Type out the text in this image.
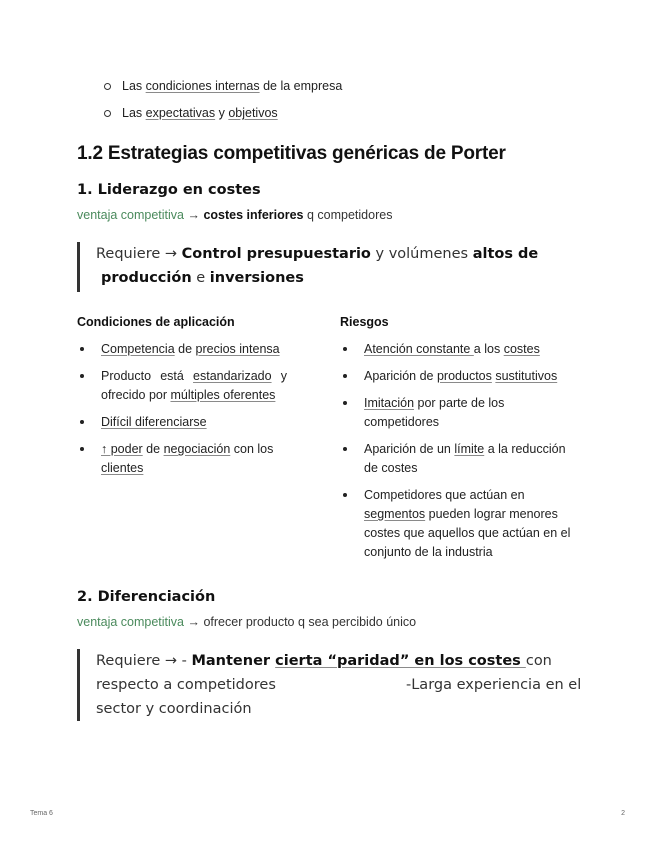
Las condiciones internas de la empresa
Las expectativas y objetivos
1.2 Estrategias competitivas genéricas de Porter
1. Liderazgo en costes

ventaja competitiva → costes inferiores q competidores

Requiere → Control presupuestario y volúmenes altos de
producción e inversiones

Condiciones de aplicación	Riesgos

Competencia de precios intensa
Producto está estandarizado y ofrecido por múltiples oferentes
Difícil diferenciarse
↑ poder de negociación con los clientes
Atención constante a los costes
Aparición de productos sustitutivos
Imitación por parte de los competidores
Aparición de un límite a la reducción de costes
Competidores que actúan en segmentos pueden lograr menores costes que aquellos que actúan en el conjunto de la industria
2. Diferenciación

ventaja competitiva → ofrecer producto q sea percibido único

Requiere → - Mantener cierta “paridad” en los costes con
respecto a competidores	-Larga experiencia en el
sector y coordinación
Tema 6	2
